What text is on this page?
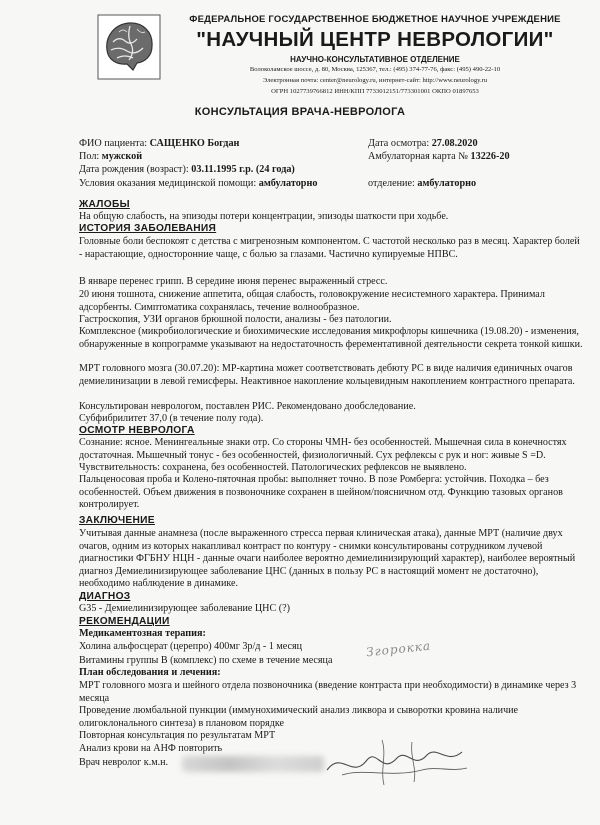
ФЕДЕРАЛЬНОЕ ГОСУДАРСТВЕННОЕ БЮДЖЕТНОЕ НАУЧНОЕ УЧРЕЖДЕНИЕ
"НАУЧНЫЙ ЦЕНТР НЕВРОЛОГИИ"
НАУЧНО-КОНСУЛЬТАТИВНОЕ ОТДЕЛЕНИЕ
Волоколамское шоссе, д. 80, Москва, 125367, тел.: (495) 374-77-76, факс: (495) 490-22-10
Электронная почта: center@neurology.ru, интернет-сайт: http://www.neurology.ru
ОГРН 1027739766812 ИНН/КПП 7733012151/773301001 ОКПО 01897653
КОНСУЛЬТАЦИЯ ВРАЧА-НЕВРОЛОГА
ФИО пациента: САЩЕНКО Богдан
Пол: мужской
Дата рождения (возраст): 03.11.1995 г.р. (24 года)
Условия оказания медицинской помощи: амбулаторно
Дата осмотра: 27.08.2020
Амбулаторная карта № 13226-20
отделение: амбулаторно
ЖАЛОБЫ
На общую слабость, на эпизоды потери концентрации, эпизоды шаткости при ходьбе.
ИСТОРИЯ ЗАБОЛЕВАНИЯ
Головные боли беспокоят с детства с мигренозным компонентом. С частотой несколько раз в месяц. Характер болей - нарастающие, односторонние чаще, с болью за глазами. Частично купируемые НПВС.
В январе перенес грипп. В середине июня перенес выраженный стресс.
20 июня тошнота, снижение аппетита, общая слабость, головокружение несистемного характера. Принимал адсорбенты. Симптоматика сохранялась, течение волнообразное.
Гастроскопия, УЗИ органов брюшной полости, анализы - без патологии.
Комплексное (микробиологические и биохимические исследования микрофлоры кишечника (19.08.20) - изменения, обнаруженные в копрограмме указывают на недостаточность ферементативной деятельности секрета тонкой кишки.
МРТ головного мозга (30.07.20): МР-картина может соответствовать дебюту РС в виде наличия единичных очагов демиелинизации в левой гемисферы. Неактивное накопление кольцевидным накоплением контрастного препарата.
Консультирован неврологом, поставлен РИС. Рекомендовано дообследование.
Субфибрилитет 37,0 (в течение полу года).
ОСМОТР НЕВРОЛОГА
Сознание: ясное. Менингеальные знаки отр. Со стороны ЧМН- без особенностей. Мышечная сила в конечностях достаточная. Мышечный тонус - без особенностей, физиологичный. Сух рефлексы с рук и ног: живые S =D. Чувствительность: сохранена, без особенностей. Патологических рефлексов не выявлено.
Пальценосовая проба и Колено-пяточная пробы: выполняет точно. В позе Ромберга: устойчив. Походка – без особенностей. Объем движения в позвоночнике сохранен в шейном/поясничном отд. Функцию тазовых органов контролирует.
ЗАКЛЮЧЕНИЕ
Учитывая данные анамнеза (после выраженного стресса первая клиническая атака), данные МРТ (наличие двух очагов, одним из которых накапливал контраст по контуру - снимки консультированы сотрудником лучевой диагностики ФГБНУ НЦН - данные очаги наиболее вероятно демиелинизирующий характер), наиболее вероятный диагноз Демиелинизирующее заболевание ЦНС (данных в пользу РС в настоящий момент не достаточно), необходимо наблюдение в динамике.
ДИАГНОЗ
G35 - Демиелинизирующее заболевание ЦНС (?)
РЕКОМЕНДАЦИИ
Медикаментозная терапия:
Холина альфосцерат (церепро) 400мг 3р/д - 1 месяц
Витамины группы В (комплекс) по схеме в течение месяца
Згорокка
План обследования и лечения:
МРТ головного мозга и шейного отдела позвоночника (введение контраста при необходимости) в динамике через 3 месяца
Проведение люмбальной пункции (иммунохимический анализ ликвора и сыворотки кровина наличие олигоклонального синтеза) в плановом порядке
Повторная консультация по результатам МРТ
Анализ крови на АНФ повторить
Врач невролог к.м.н.
